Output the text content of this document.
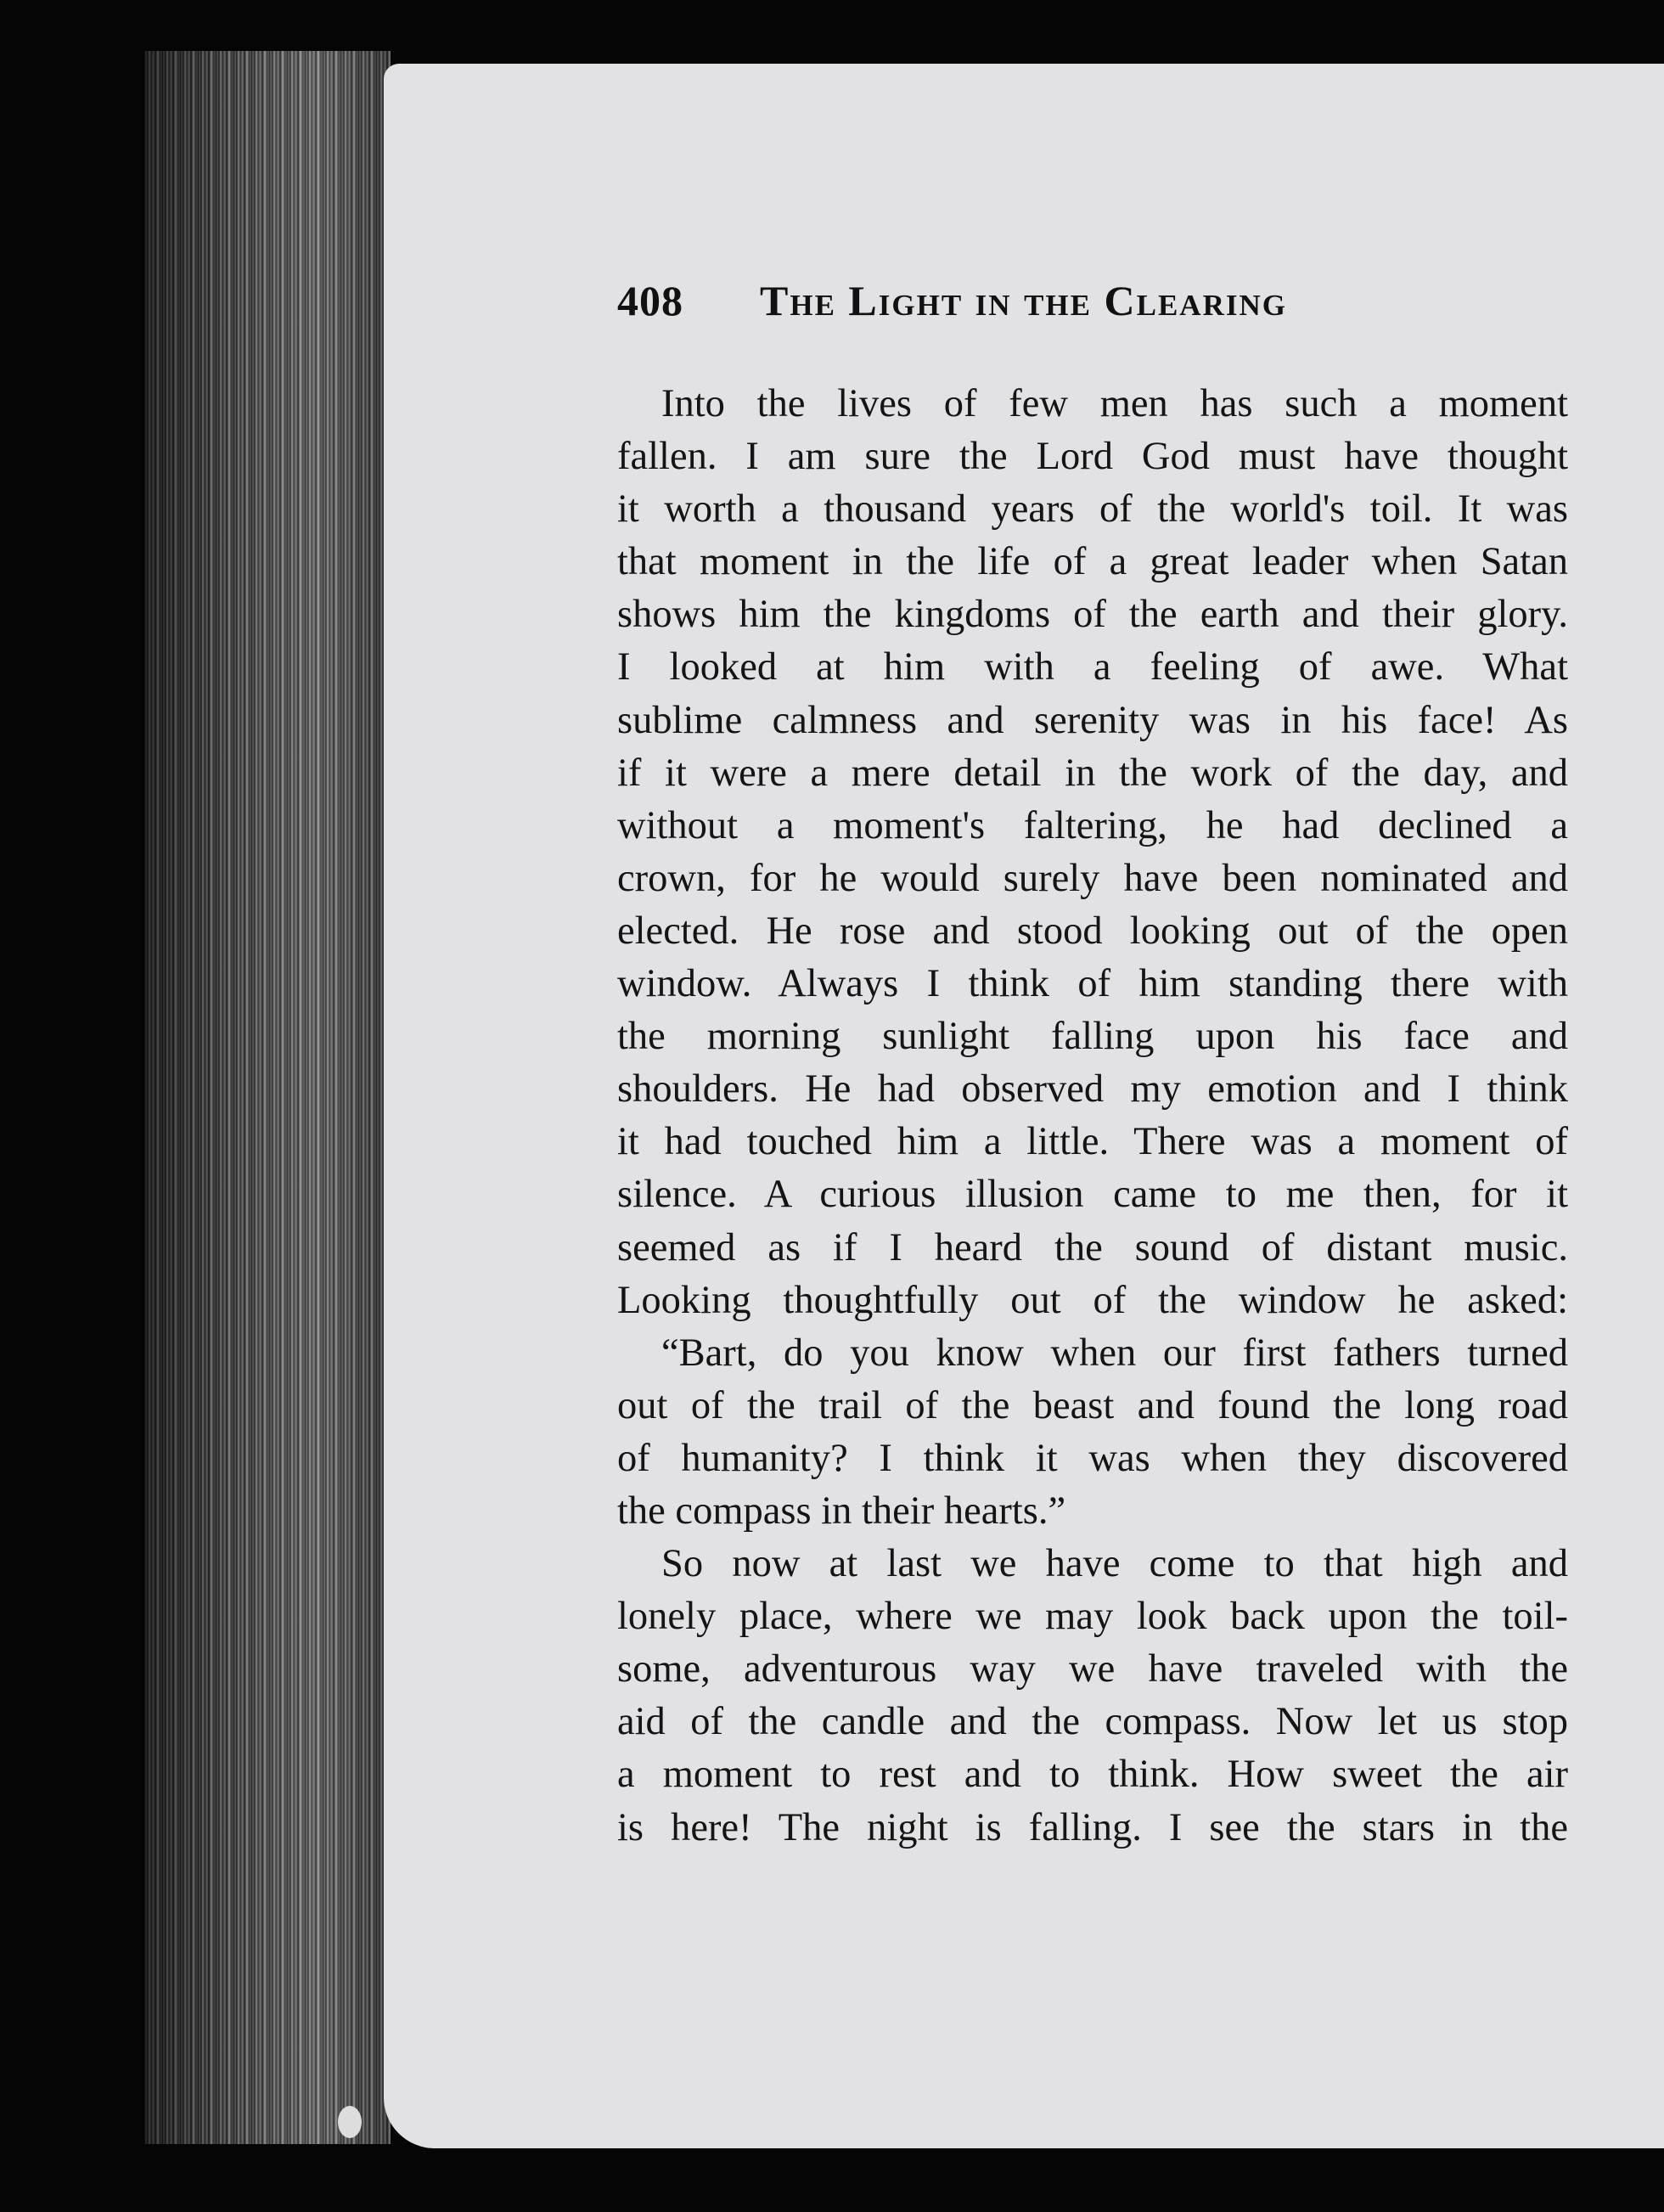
408 The Light in the Clearing
Into the lives of few men has such a moment
fallen. I am sure the Lord God must have thought
it worth a thousand years of the world's toil. It was
that moment in the life of a great leader when Satan
shows him the kingdoms of the earth and their glory.
I looked at him with a feeling of awe. What
sublime calmness and serenity was in his face! As
if it were a mere detail in the work of the day, and
without a moment's faltering, he had declined a
crown, for he would surely have been nominated and
elected. He rose and stood looking out of the open
window. Always I think of him standing there with
the morning sunlight falling upon his face and
shoulders. He had observed my emotion and I think
it had touched him a little. There was a moment of
silence. A curious illusion came to me then, for it
seemed as if I heard the sound of distant music.
Looking thoughtfully out of the window he asked:
“Bart, do you know when our first fathers turned
out of the trail of the beast and found the long road
of humanity? I think it was when they discovered
the compass in their hearts.”
So now at last we have come to that high and
lonely place, where we may look back upon the toil-
some, adventurous way we have traveled with the
aid of the candle and the compass. Now let us stop
a moment to rest and to think. How sweet the air
is here! The night is falling. I see the stars in the
